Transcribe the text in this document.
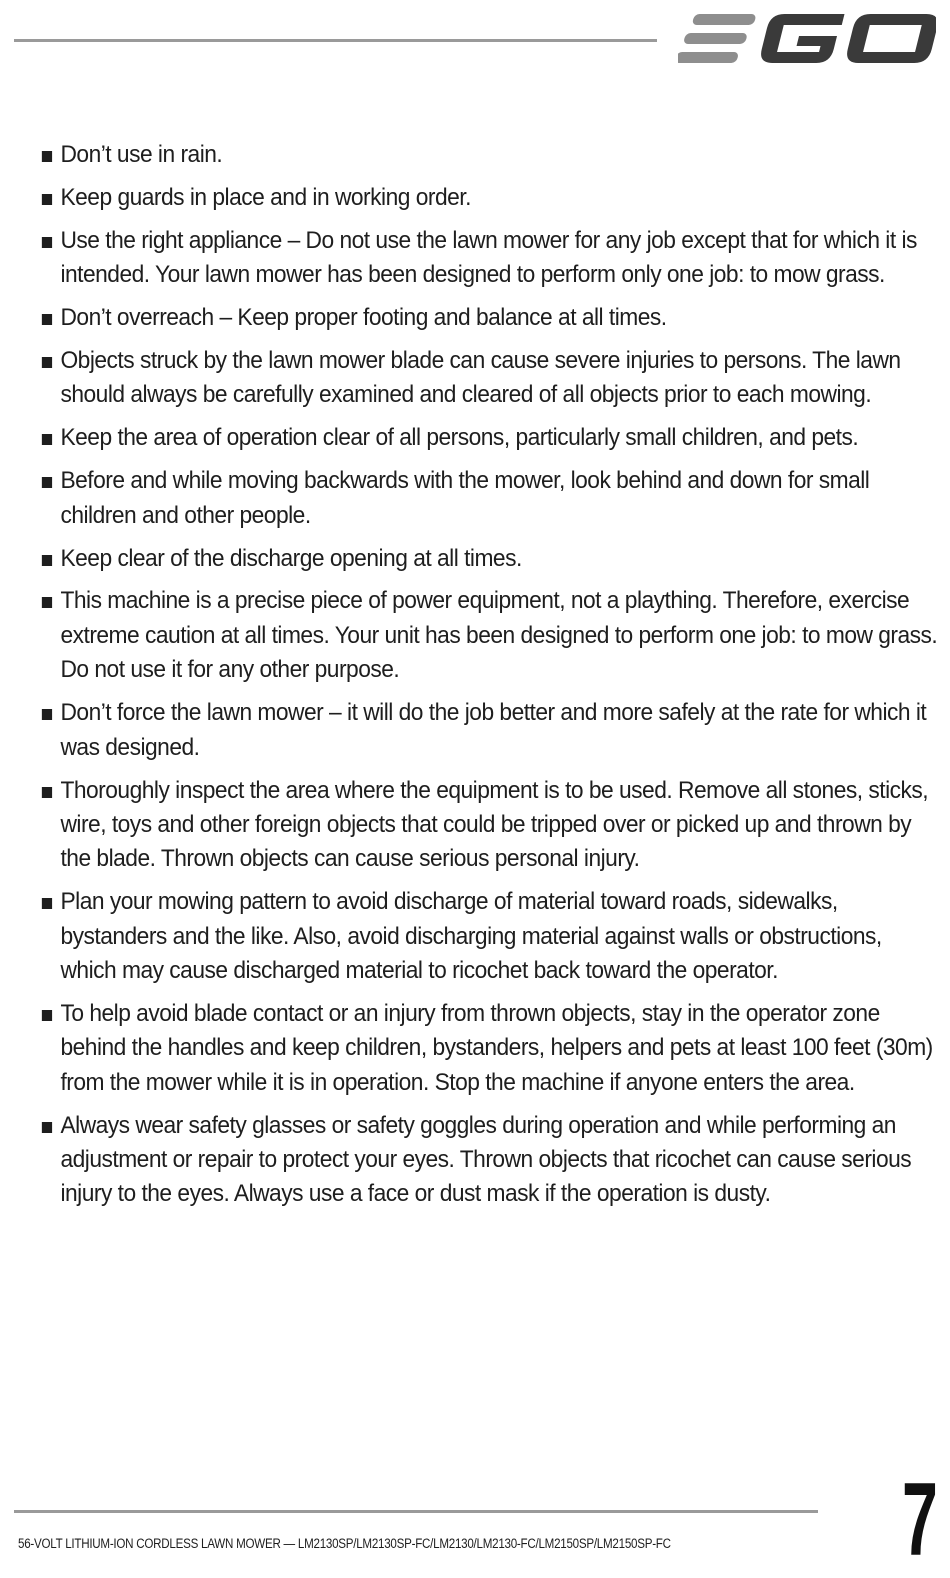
Don’t use in rain.
Keep guards in place and in working order.
Use the right appliance – Do not use the lawn mower for any job except that for which it is intended. Your lawn mower has been designed to perform only one job: to mow grass.
Don’t overreach – Keep proper footing and balance at all times.
Objects struck by the lawn mower blade can cause severe injuries to persons. The lawn should always be carefully examined and cleared of all objects prior to each mowing.
Keep the area of operation clear of all persons, particularly small children, and pets.
Before and while moving backwards with the mower, look behind and down for small children and other people.
Keep clear of the discharge opening at all times.
This machine is a precise piece of power equipment, not a plaything. Therefore, exercise extreme caution at all times. Your unit has been designed to perform one job: to mow grass. Do not use it for any other purpose.
Don’t force the lawn mower – it will do the job better and more safely at the rate for which it was designed.
Thoroughly inspect the area where the equipment is to be used. Remove all stones, sticks, wire, toys and other foreign objects that could be tripped over or picked up and thrown by the blade. Thrown objects can cause serious personal injury.
Plan your mowing pattern to avoid discharge of material toward roads, sidewalks, bystanders and the like. Also, avoid discharging material against walls or obstructions, which may cause discharged material to ricochet back toward the operator.
To help avoid blade contact or an injury from thrown objects, stay in the operator zone behind the handles and keep children, bystanders, helpers and pets at least 100 feet (30m) from the mower while it is in operation. Stop the machine if anyone enters the area.
Always wear safety glasses or safety goggles during operation and while performing an adjustment or repair to protect your eyes. Thrown objects that ricochet can cause serious injury to the eyes. Always use a face or dust mask if the operation is dusty.
56-VOLT LITHIUM-ION CORDLESS LAWN MOWER — LM2130SP/LM2130SP-FC/LM2130/LM2130-FC/LM2150SP/LM2150SP-FC 7
